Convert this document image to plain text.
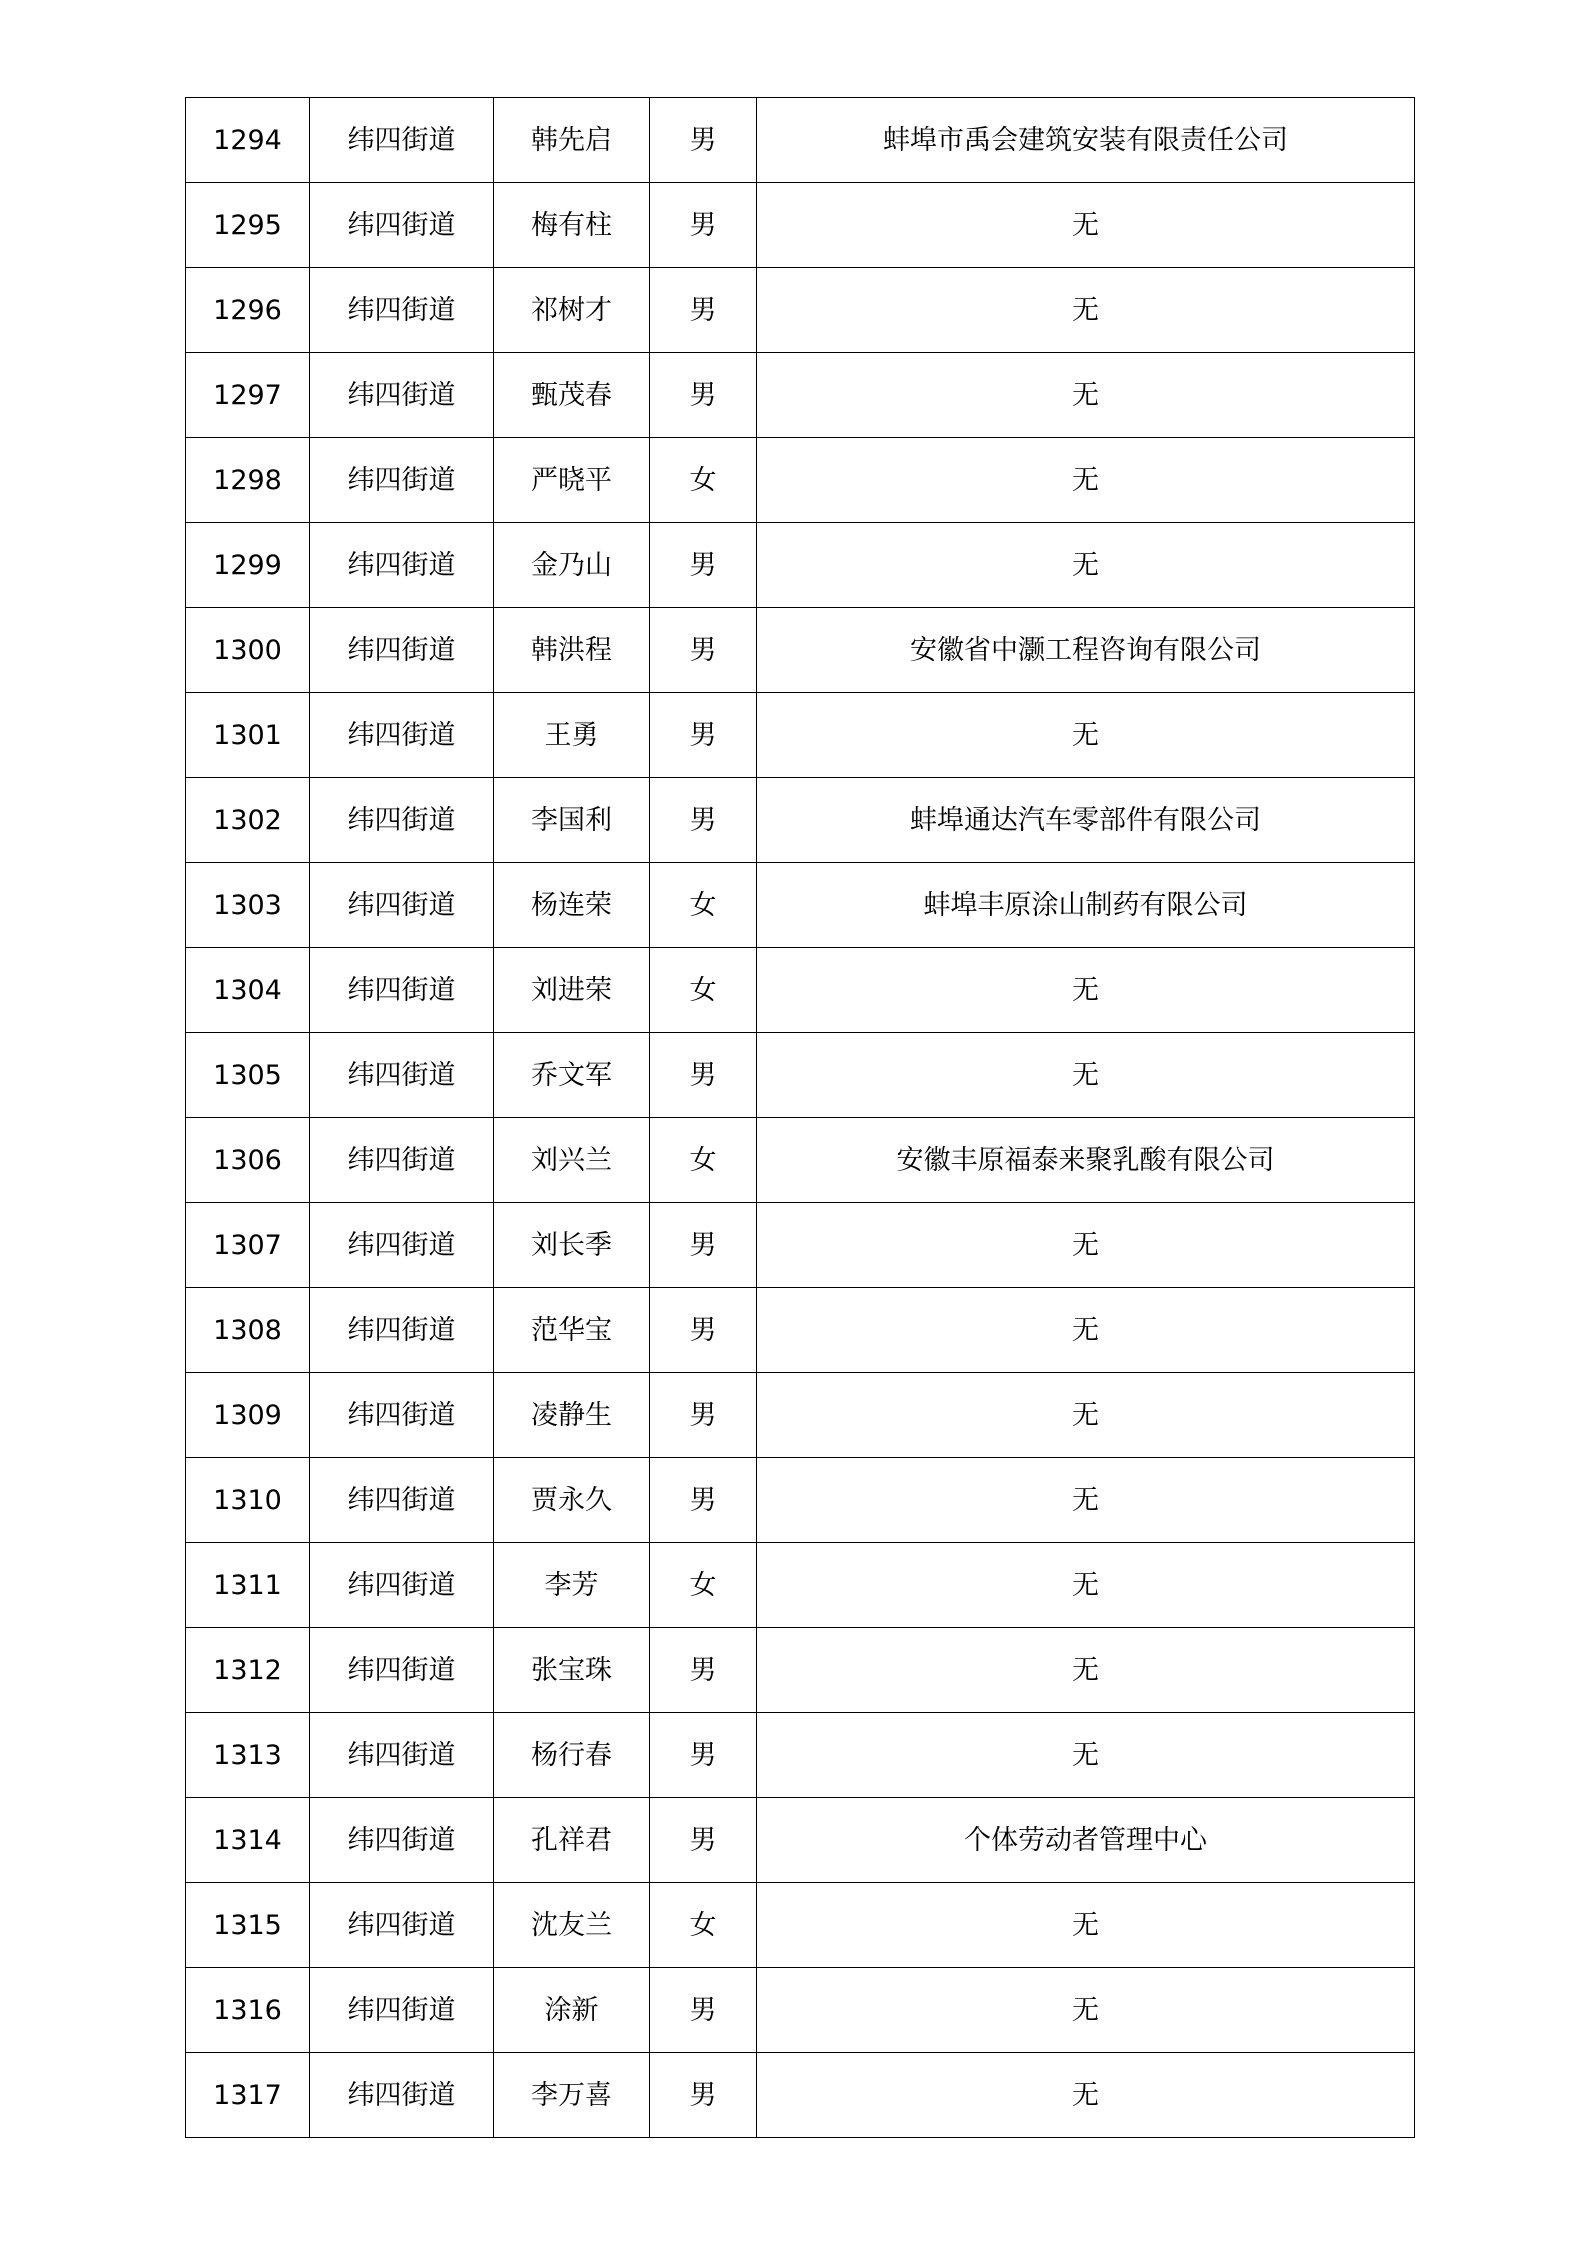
1294	纬四街道	韩先启	男	蚌埠市禹会建筑安装有限责任公司
1295	纬四街道	梅有柱	男	无
1296	纬四街道	祁树才	男	无
1297	纬四街道	甄茂春	男	无
1298	纬四街道	严晓平	女	无
1299	纬四街道	金乃山	男	无
1300	纬四街道	韩洪程	男	安徽省中灏工程咨询有限公司
1301	纬四街道	王勇	男	无
1302	纬四街道	李国利	男	蚌埠通达汽车零部件有限公司
1303	纬四街道	杨连荣	女	蚌埠丰原涂山制药有限公司
1304	纬四街道	刘进荣	女	无
1305	纬四街道	乔文军	男	无
1306	纬四街道	刘兴兰	女	安徽丰原福泰来聚乳酸有限公司
1307	纬四街道	刘长季	男	无
1308	纬四街道	范华宝	男	无
1309	纬四街道	凌静生	男	无
1310	纬四街道	贾永久	男	无
1311	纬四街道	李芳	女	无
1312	纬四街道	张宝珠	男	无
1313	纬四街道	杨行春	男	无
1314	纬四街道	孔祥君	男	个体劳动者管理中心
1315	纬四街道	沈友兰	女	无
1316	纬四街道	涂新	男	无
1317	纬四街道	李万喜	男	无
